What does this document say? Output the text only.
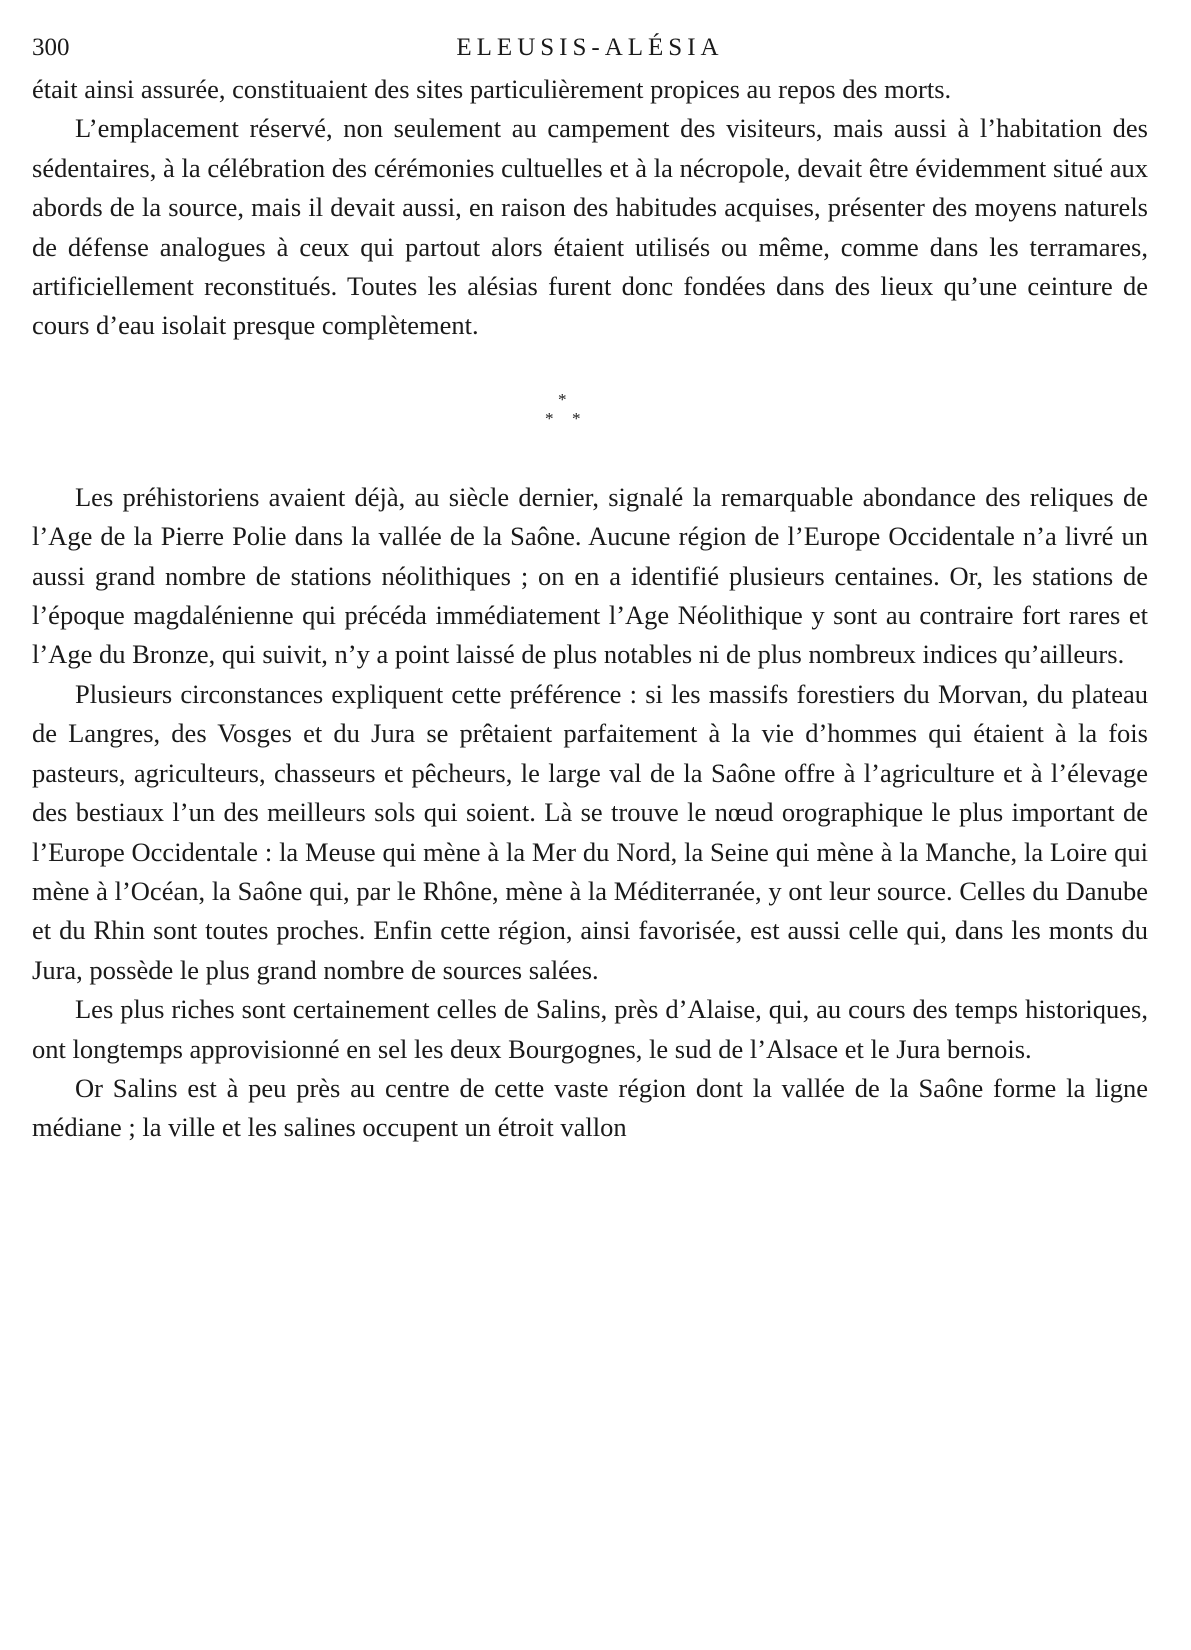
300	ELEUSIS-ALÉSIA

était ainsi assurée, constituaient des sites particulièrement propices au repos des morts.

L’emplacement réservé, non seulement au campement des visiteurs, mais aussi à l’habitation des sédentaires, à la célébration des cérémonies cultuelles et à la nécropole, devait être évidemment situé aux abords de la source, mais il devait aussi, en raison des habitudes acquises, présenter des moyens naturels de défense analogues à ceux qui partout alors étaient utilisés ou même, comme dans les terramares, artificiellement reconstitués. Toutes les alésias furent donc fondées dans des lieux qu’une ceinture de cours d’eau isolait presque complètement.

*
* *

Les préhistoriens avaient déjà, au siècle dernier, signalé la remarquable abondance des reliques de l’Age de la Pierre Polie dans la vallée de la Saône. Aucune région de l’Europe Occidentale n’a livré un aussi grand nombre de stations néolithiques ; on en a identifié plusieurs centaines. Or, les stations de l’époque magdalénienne qui précéda immédiatement l’Age Néolithique y sont au contraire fort rares et l’Age du Bronze, qui suivit, n’y a point laissé de plus notables ni de plus nombreux indices qu’ailleurs.

Plusieurs circonstances expliquent cette préférence : si les massifs forestiers du Morvan, du plateau de Langres, des Vosges et du Jura se prêtaient parfaitement à la vie d’hommes qui étaient à la fois pasteurs, agriculteurs, chasseurs et pêcheurs, le large val de la Saône offre à l’agriculture et à l’élevage des bestiaux l’un des meilleurs sols qui soient. Là se trouve le nœud orographique le plus important de l’Europe Occidentale : la Meuse qui mène à la Mer du Nord, la Seine qui mène à la Manche, la Loire qui mène à l’Océan, la Saône qui, par le Rhône, mène à la Méditerranée, y ont leur source. Celles du Danube et du Rhin sont toutes proches. Enfin cette région, ainsi favorisée, est aussi celle qui, dans les monts du Jura, possède le plus grand nombre de sources salées.

Les plus riches sont certainement celles de Salins, près d’Alaise, qui, au cours des temps historiques, ont longtemps approvisionné en sel les deux Bourgognes, le sud de l’Alsace et le Jura bernois.

Or Salins est à peu près au centre de cette vaste région dont la vallée de la Saône forme la ligne médiane ; la ville et les salines occupent un étroit vallon
